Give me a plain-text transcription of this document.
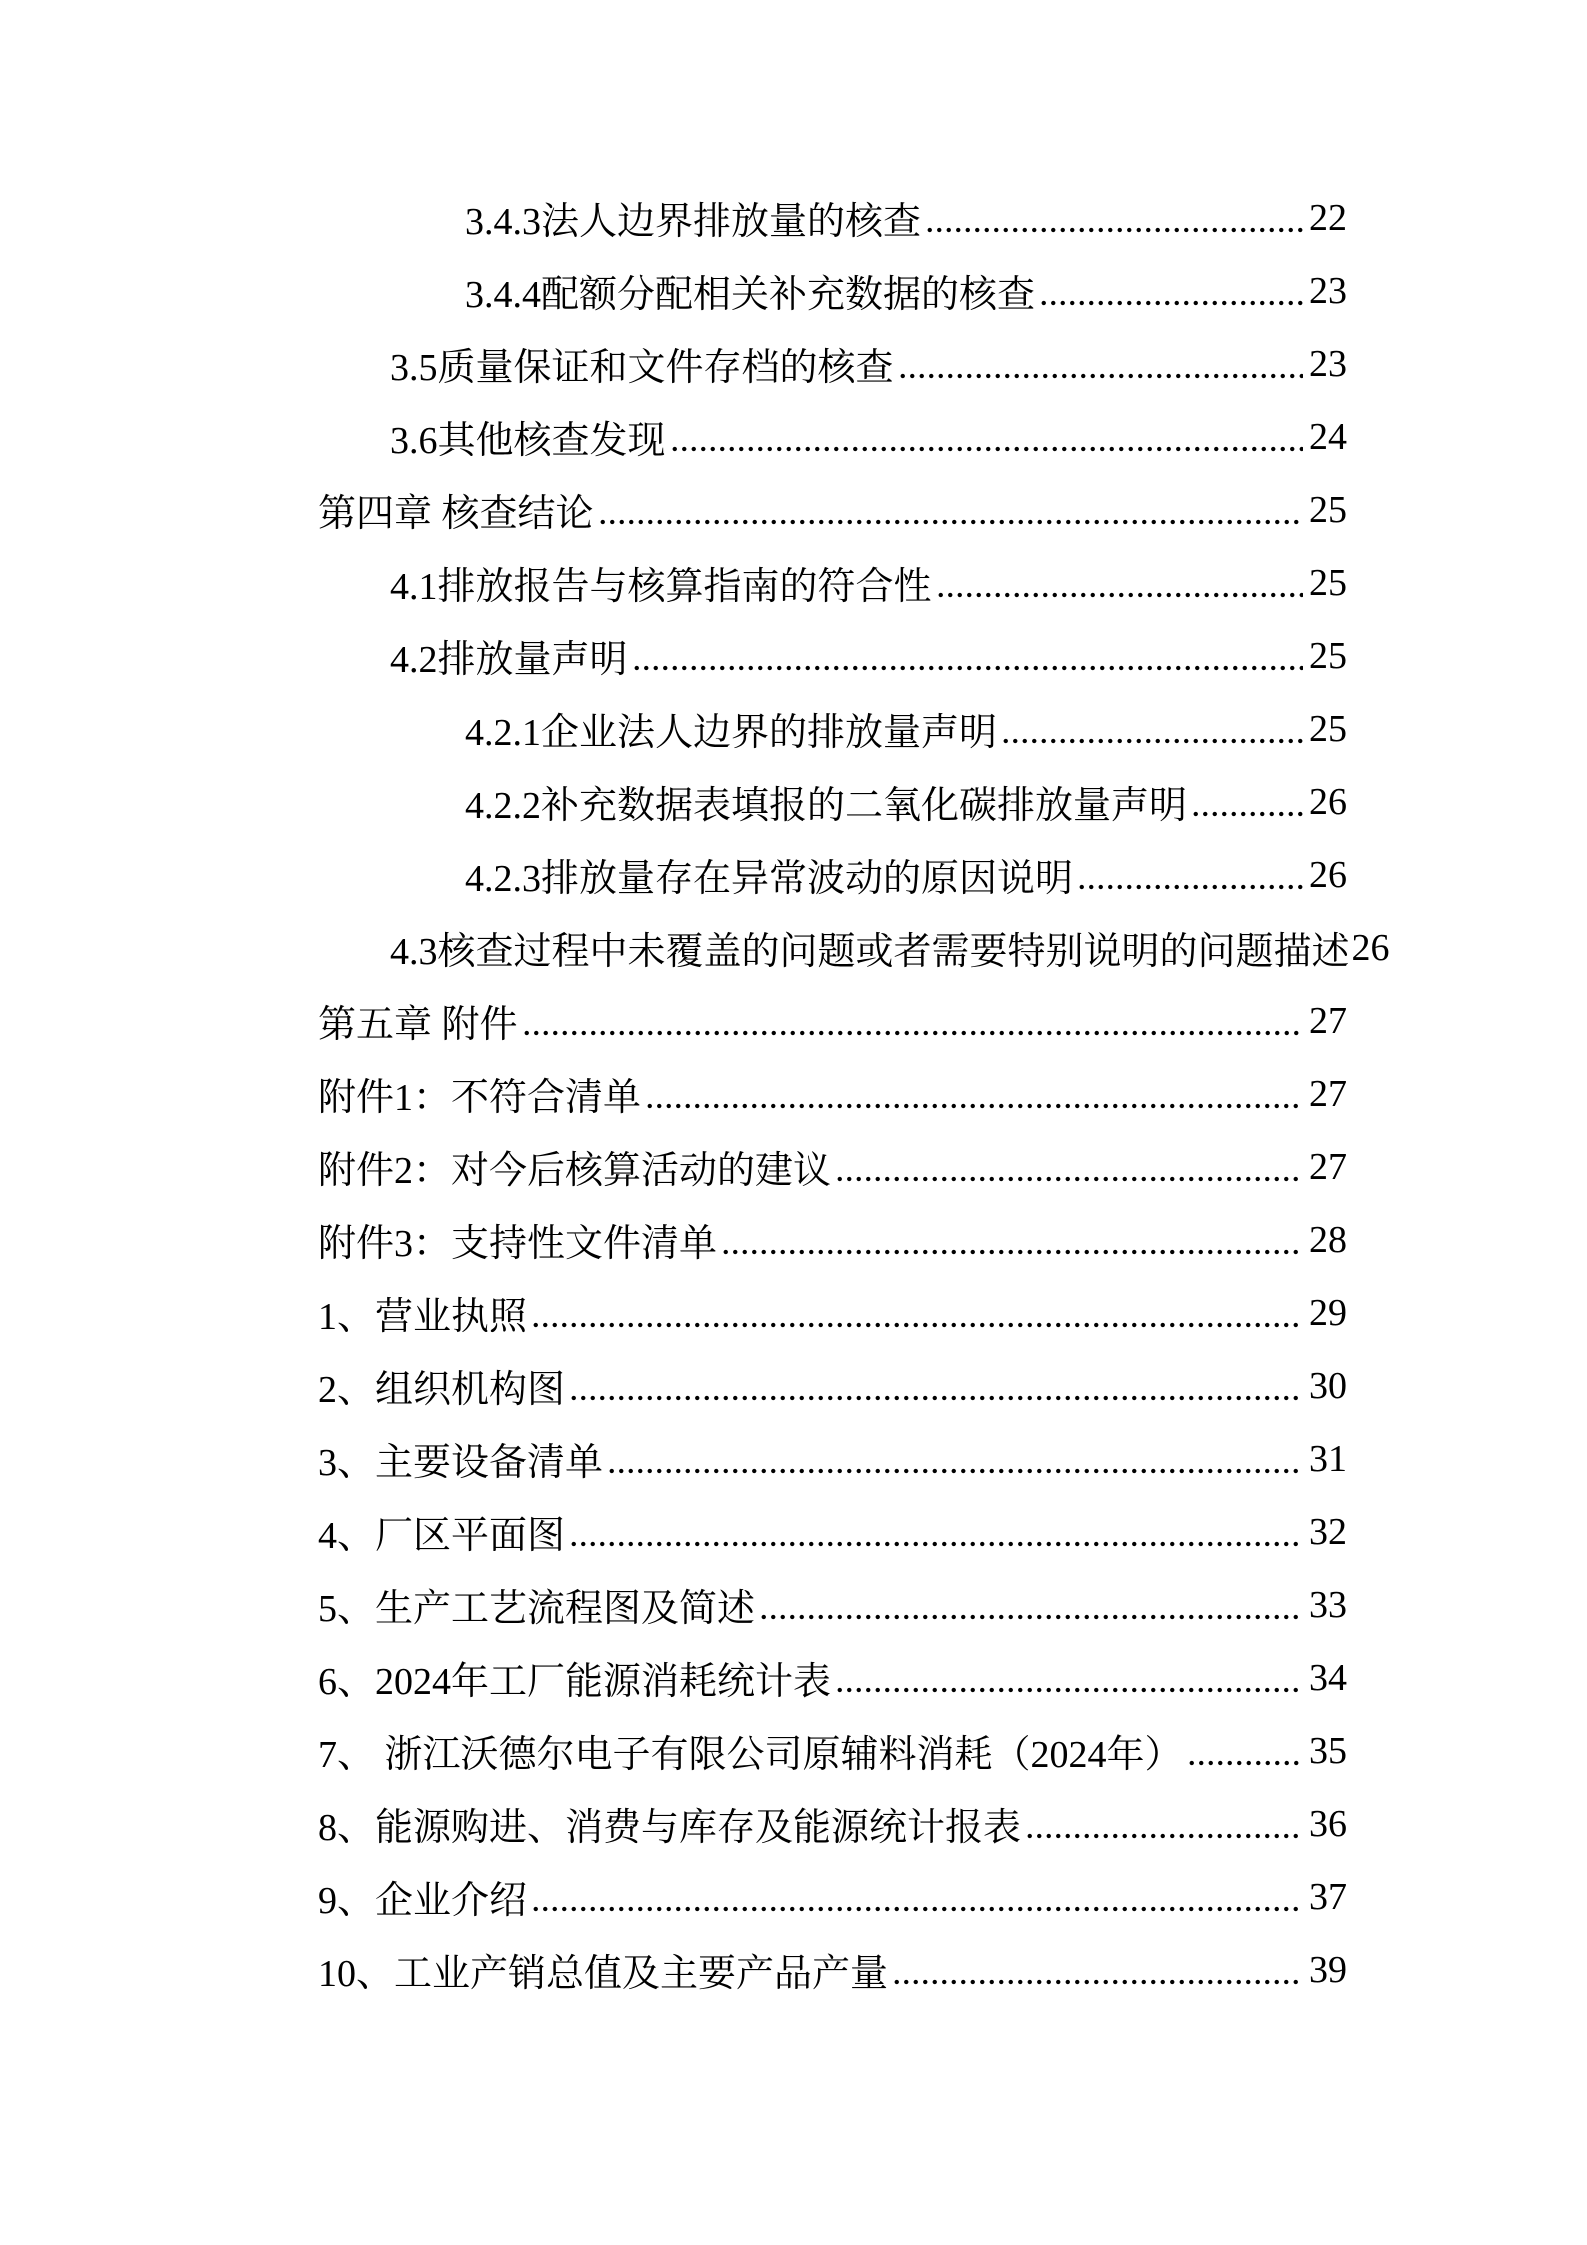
3.4.3法人边界排放量的核查	22
3.4.4配额分配相关补充数据的核查	23
3.5质量保证和文件存档的核查	23
3.6其他核查发现	24
第四章 核查结论	25
4.1排放报告与核算指南的符合性	25
4.2排放量声明	25
4.2.1企业法人边界的排放量声明	25
4.2.2补充数据表填报的二氧化碳排放量声明	26
4.2.3排放量存在异常波动的原因说明	26
4.3核查过程中未覆盖的问题或者需要特别说明的问题描述 26
第五章 附件	27
附件1：不符合清单	27
附件2：对今后核算活动的建议	27
附件3：支持性文件清单	28
1、营业执照	29
2、组织机构图	30
3、主要设备清单	31
4、厂区平面图	32
5、生产工艺流程图及简述	33
6、2024年工厂能源消耗统计表	34
7、 浙江沃德尔电子有限公司原辅料消耗（2024年）	35
8、能源购进、消费与库存及能源统计报表	36
9、企业介绍	37
10、工业产销总值及主要产品产量	39
